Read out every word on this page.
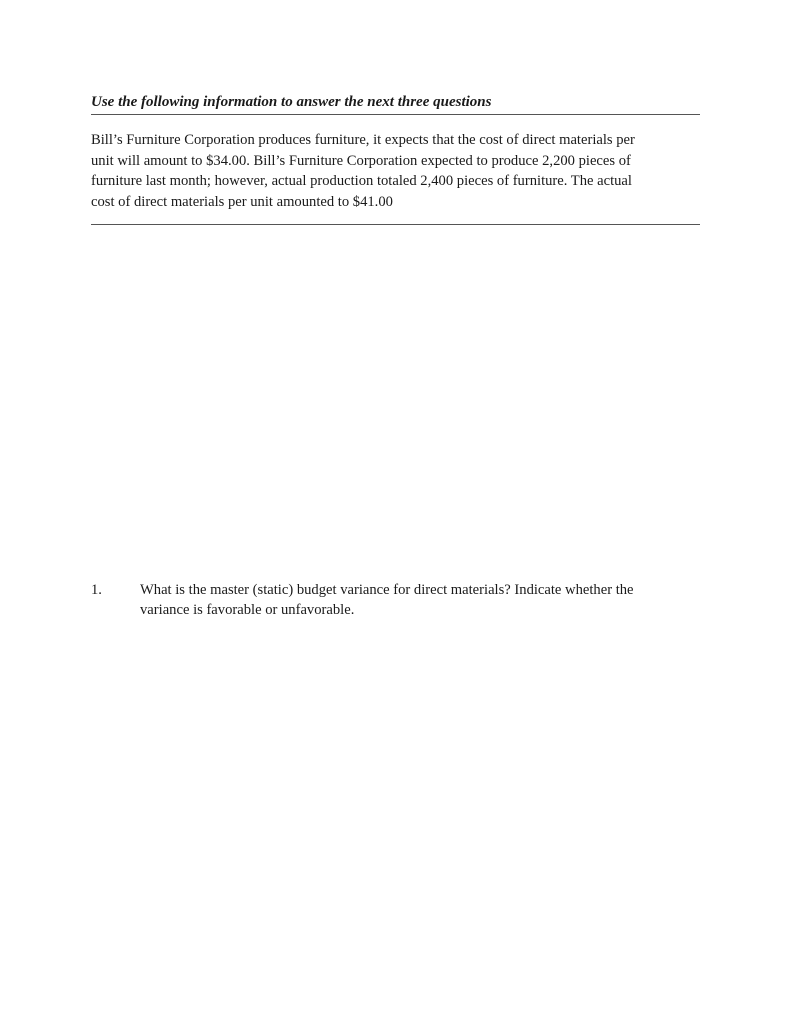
Use the following information to answer the next three questions

Bill’s Furniture Corporation produces furniture, it expects that the cost of direct materials per

unit will amount to $34.00. Bill’s Furniture Corporation expected to produce 2,200 pieces of

furniture last month; however, actual production totaled 2,400 pieces of furniture. The actual

cost of direct materials per unit amounted to $41.00

1.	What is the master (static) budget variance for direct materials? Indicate whether the

variance is favorable or unfavorable.
